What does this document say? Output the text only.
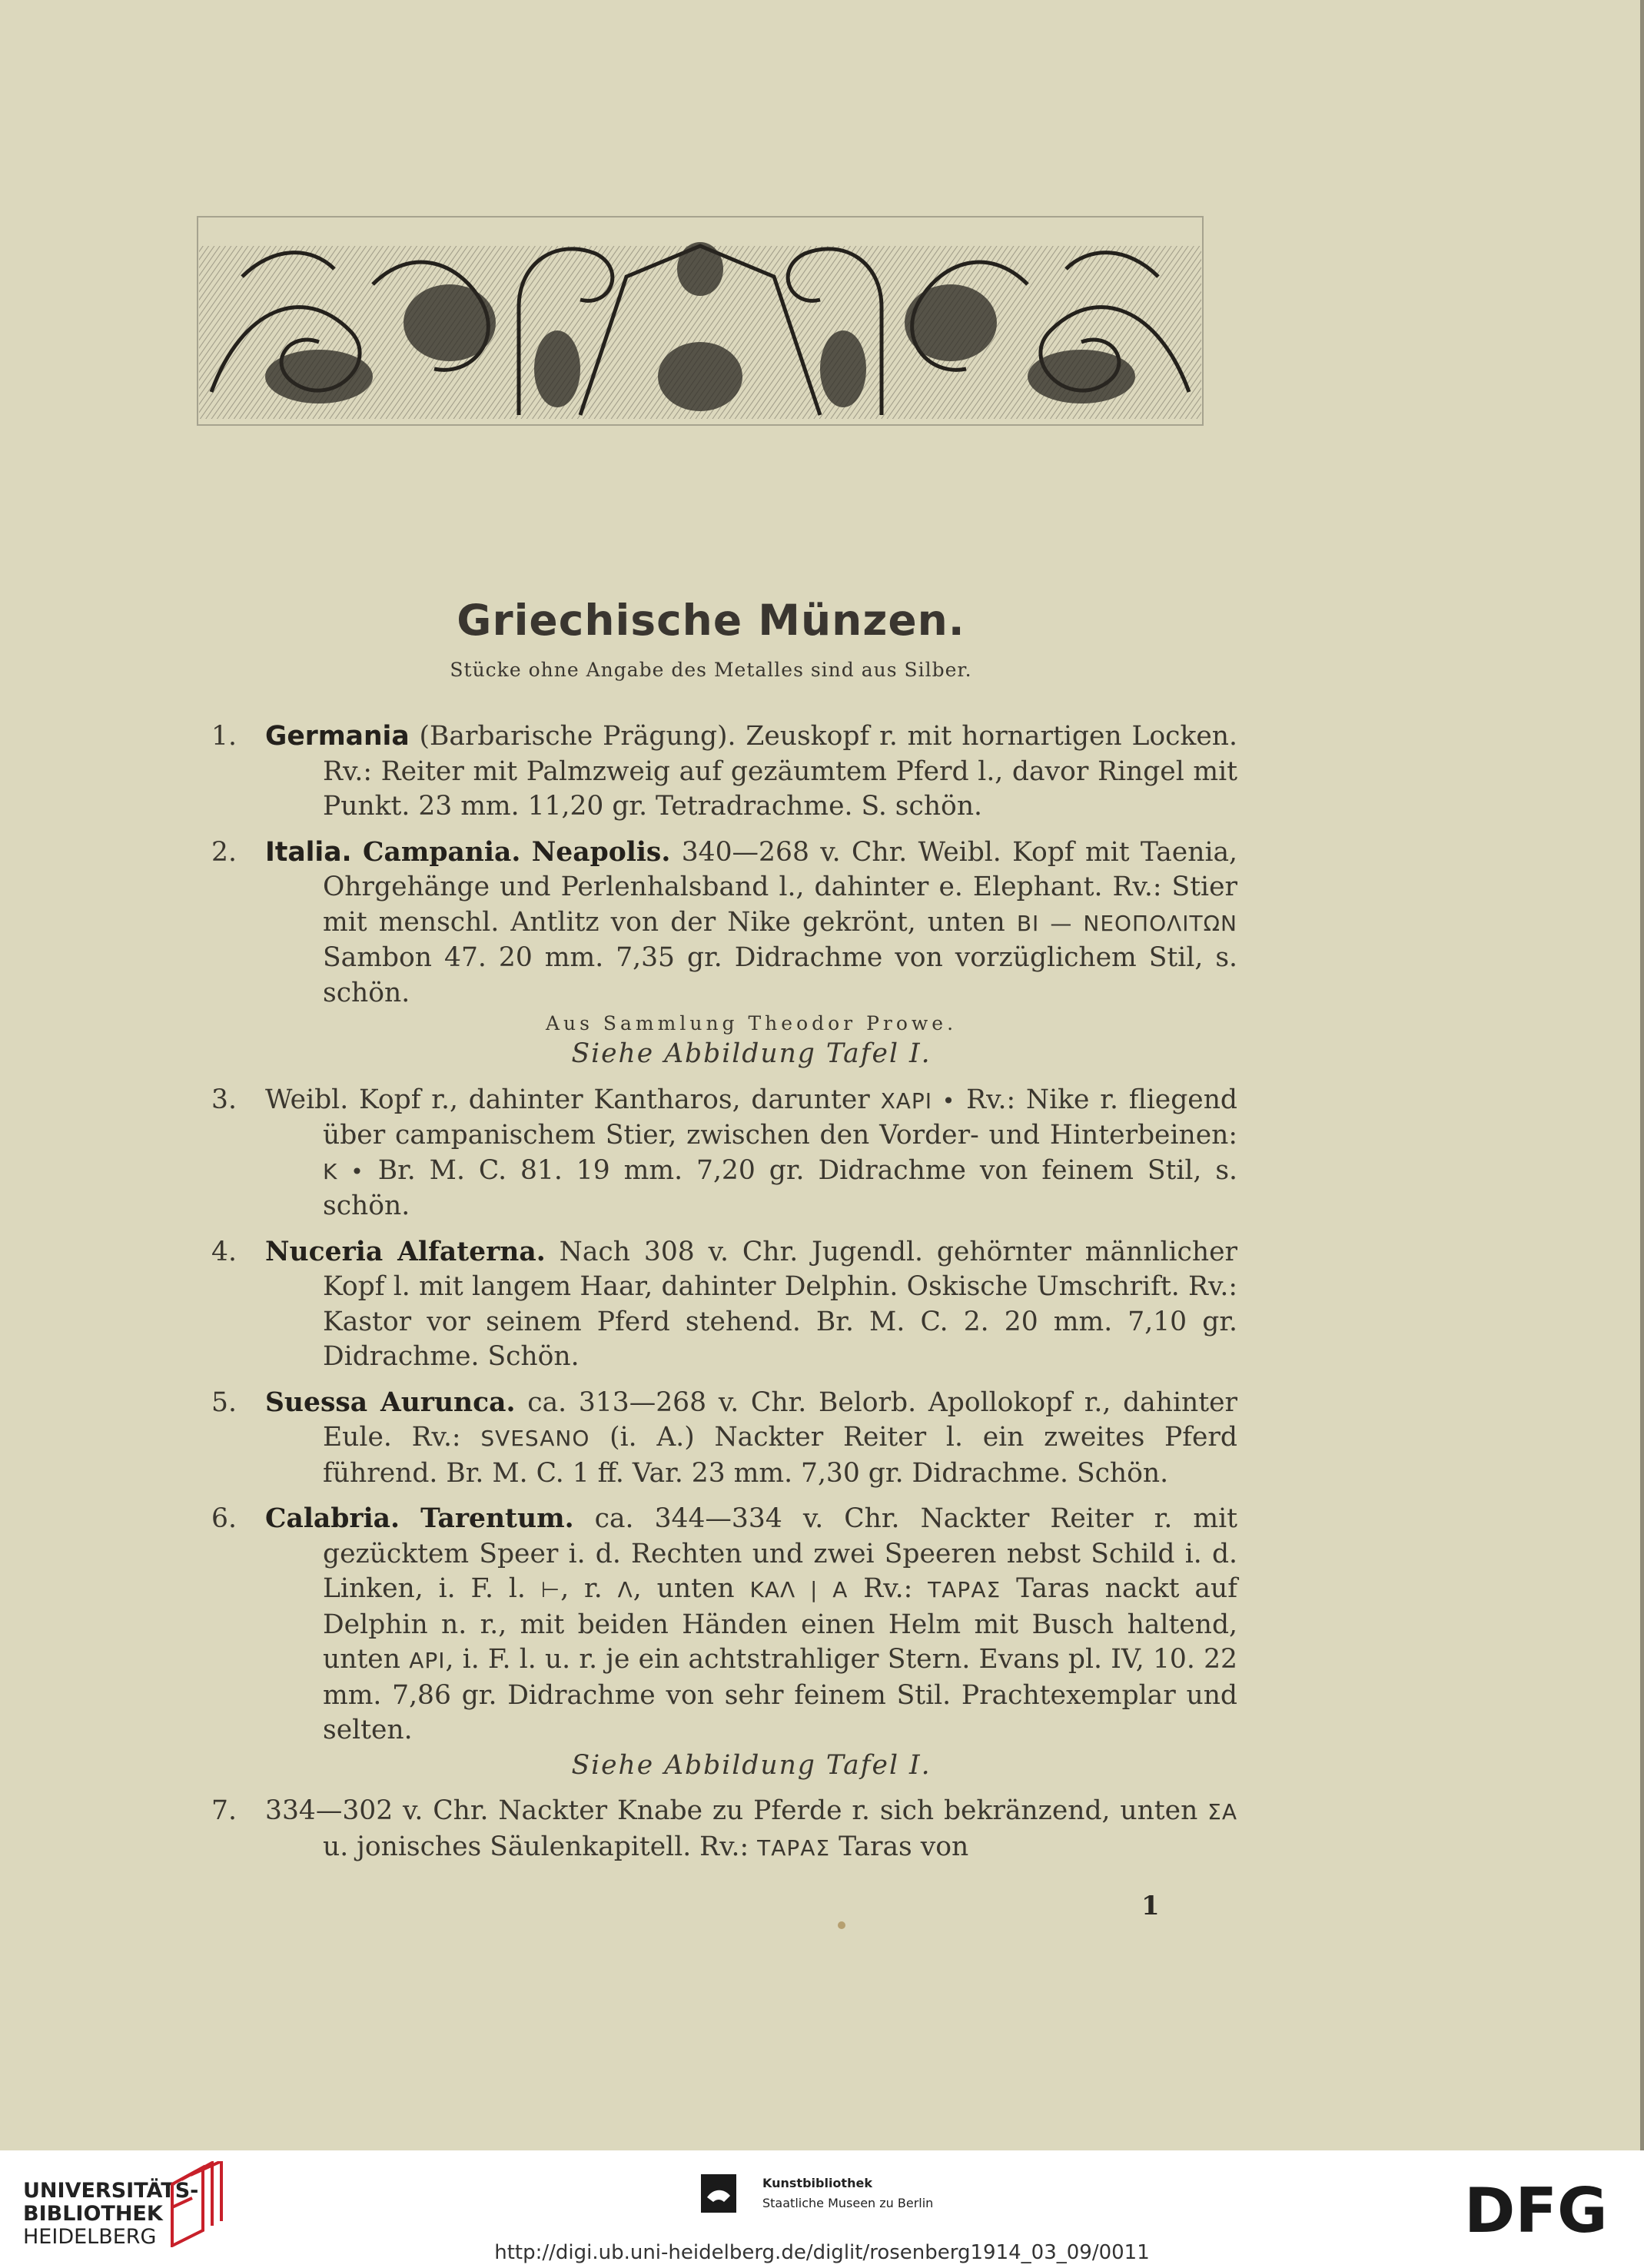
Griechische Münzen.
Stücke ohne Angabe des Metalles sind aus Silber.
1. Germania (Barbarische Prägung). Zeuskopf r. mit hornartigen Locken. Rv.: Reiter mit Palmzweig auf gezäumtem Pferd l., davor Ringel mit Punkt. 23 mm. 11,20 gr. Tetradrachme. S. schön.
2. Italia. Campania. Neapolis. 340—268 v. Chr. Weibl. Kopf mit Taenia, Ohrgehänge und Perlenhalsband l., dahinter e. Elephant. Rv.: Stier mit menschl. Antlitz von der Nike gekrönt, unten BI — ΝΕΟΠΟΛΙΤΩΝ Sambon 47. 20 mm. 7,35 gr. Didrachme von vorzüglichem Stil, s. schön.
Aus Sammlung Theodor Prowe.
Siehe Abbildung Tafel I.
3. Weibl. Kopf r., dahinter Kantharos, darunter XAPI • Rv.: Nike r. fliegend über campanischem Stier, zwischen den Vorder- und Hinterbeinen: K • Br. M. C. 81. 19 mm. 7,20 gr. Didrachme von feinem Stil, s. schön.
4. Nuceria Alfaterna. Nach 308 v. Chr. Jugendl. gehörnter männlicher Kopf l. mit langem Haar, dahinter Delphin. Oskische Umschrift. Rv.: Kastor vor seinem Pferd stehend. Br. M. C. 2. 20 mm. 7,10 gr. Didrachme. Schön.
5. Suessa Aurunca. ca. 313—268 v. Chr. Belorb. Apollokopf r., dahinter Eule. Rv.: SVESANO (i. A.) Nackter Reiter l. ein zweites Pferd führend. Br. M. C. 1 ff. Var. 23 mm. 7,30 gr. Didrachme. Schön.
6. Calabria. Tarentum. ca. 344—334 v. Chr. Nackter Reiter r. mit gezücktem Speer i. d. Rechten und zwei Speeren nebst Schild i. d. Linken, i. F. l. ⊢, r. Λ, unten ΚΑΛ | Α Rv.: ΤΑΡΑΣ Taras nackt auf Delphin n. r., mit beiden Händen einen Helm mit Busch haltend, unten ΑΡΙ, i. F. l. u. r. je ein achtstrahliger Stern. Evans pl. IV, 10. 22 mm. 7,86 gr. Didrachme von sehr feinem Stil. Prachtexemplar und selten.
Siehe Abbildung Tafel I.
7. 334—302 v. Chr. Nackter Knabe zu Pferde r. sich bekränzend, unten ΣΑ u. jonisches Säulenkapitell. Rv.: ΤΑΡΑΣ Taras von
1
UNIVERSITÄTS-
BIBLIOTHEK
HEIDELBERG
Kunstbibliothek
Staatliche Museen zu Berlin	DFG
http://digi.ub.uni-heidelberg.de/diglit/rosenberg1914_03_09/0011
